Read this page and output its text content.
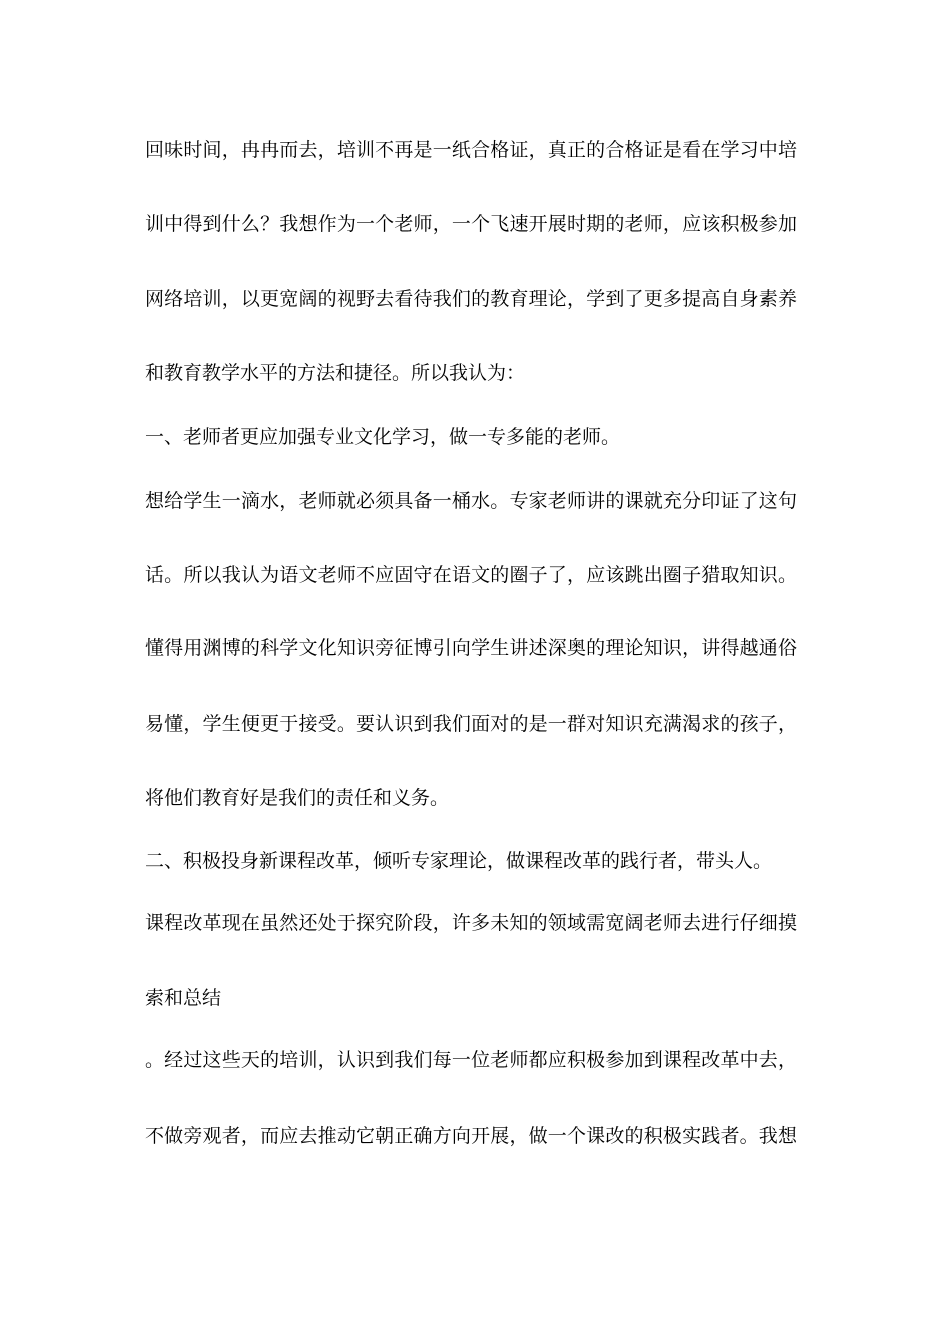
回味时间，冉冉而去，培训不再是一纸合格证，真正的合格证是看在学习中培
训中得到什么？我想作为一个老师，一个飞速开展时期的老师，应该积极参加
网络培训，以更宽阔的视野去看待我们的教育理论，学到了更多提高自身素养
和教育教学水平的方法和捷径。所以我认为：
一、老师者更应加强专业文化学习，做一专多能的老师。
想给学生一滴水，老师就必须具备一桶水。专家老师讲的课就充分印证了这句
话。所以我认为语文老师不应固守在语文的圈子了，应该跳出圈子猎取知识。
懂得用渊博的科学文化知识旁征博引向学生讲述深奥的理论知识，讲得越通俗
易懂，学生便更于接受。要认识到我们面对的是一群对知识充满渴求的孩子，
将他们教育好是我们的责任和义务。
二、积极投身新课程改革，倾听专家理论，做课程改革的践行者，带头人。
课程改革现在虽然还处于探究阶段，许多未知的领域需宽阔老师去进行仔细摸
索和总结
。经过这些天的培训，认识到我们每一位老师都应积极参加到课程改革中去，
不做旁观者，而应去推动它朝正确方向开展，做一个课改的积极实践者。我想
